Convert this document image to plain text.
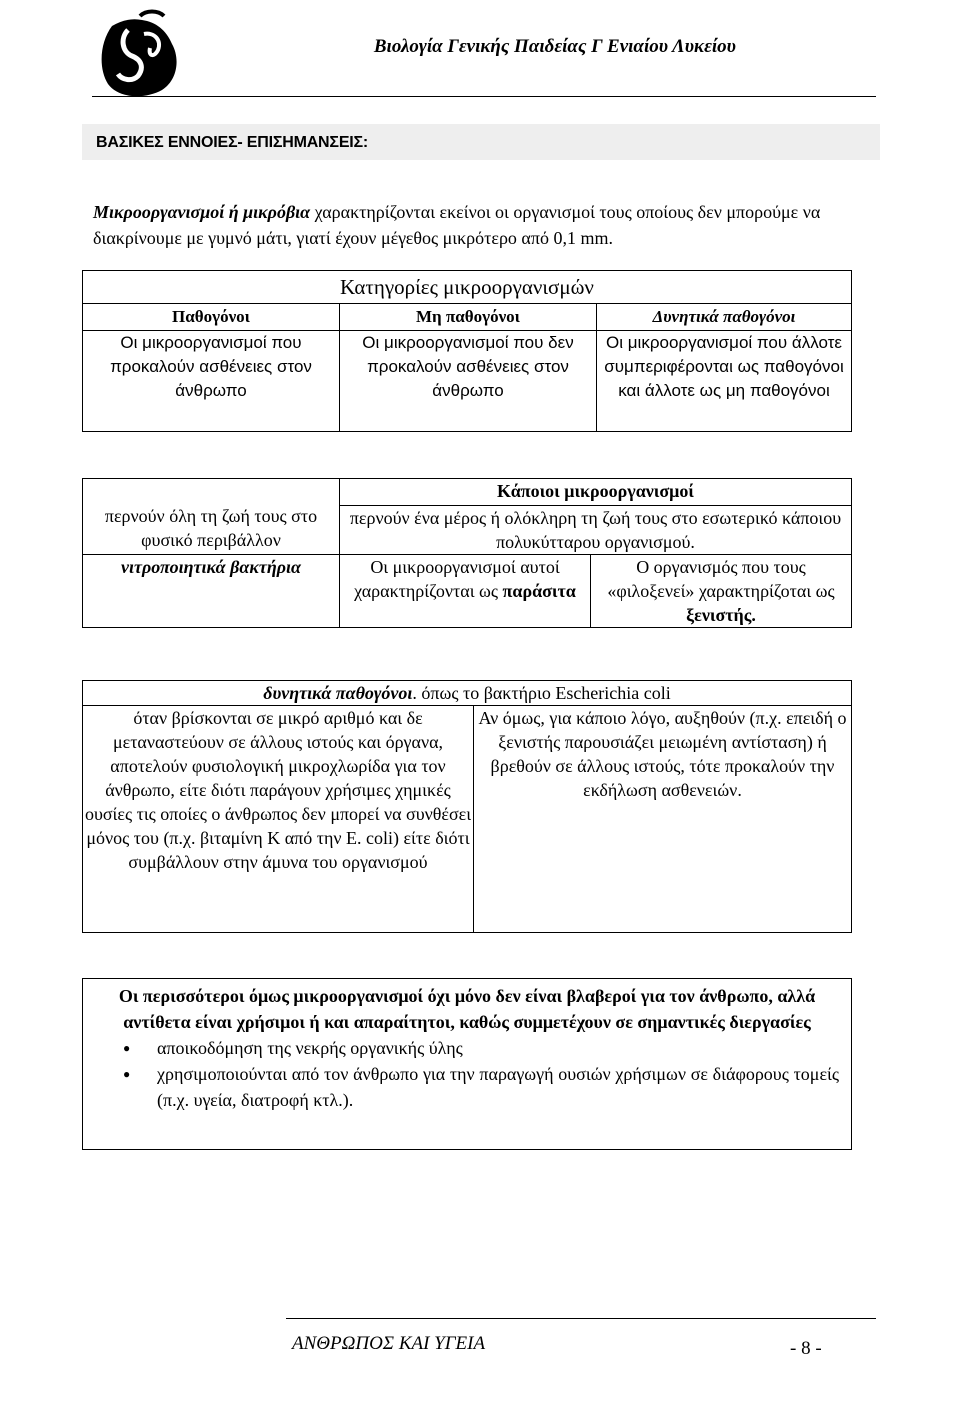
Βιολογία Γενικής Παιδείας Γ Ενιαίου Λυκείου
ΒΑΣΙΚΕΣ ΕΝΝΟΙΕΣ- ΕΠΙΣΗΜΑΝΣΕΙΣ:
Μικροοργανισμοί ή μικρόβια χαρακτηρίζονται εκείνοι οι οργανισμοί τους οποίους δεν μπορούμε να διακρίνουμε με γυμνό μάτι, γιατί έχουν μέγεθος μικρότερο από 0,1 mm.
Κατηγορίες μικροοργανισμών		
Παθογόνοι	Μη παθογόνοι	Δυνητικά παθογόνοι
Οι μικροοργανισμοί που προκαλούν ασθένειες στον άνθρωπο	Οι μικροοργανισμοί που δεν προκαλούν ασθένειες στον άνθρωπο	Οι μικροοργανισμοί που άλλοτε συμπεριφέρονται ως παθογόνοι και άλλοτε ως μη παθογόνοι
περνούν όλη τη ζωή τους στο φυσικό περιβάλλον	Κάποιοι μικροοργανισμοί	
	περνούν ένα μέρος ή ολόκληρη τη ζωή τους στο εσωτερικό κάποιου πολυκύτταρου οργανισμού.	
νιτροποιητικά βακτήρια	Οι μικροοργανισμοί αυτοί χαρακτηρίζονται ως παράσιτα	Ο οργανισμός που τους «φιλοξενεί» χαρακτηρίζοται ως ξενιστής.
δυνητικά παθογόνοι. όπως το βακτήριο Escherichia coli
όταν βρίσκονται σε μικρό αριθμό και δε μεταναστεύουν σε άλλους ιστούς και όργανα, αποτελούν φυσιολογική μικροχλωρίδα για τον άνθρωπο, είτε διότι παράγουν χρήσιμες χημικές ουσίες τις οποίες ο άνθρωπος δεν μπορεί να συνθέσει μόνος του (π.χ. βιταμίνη Κ από την E. coli) είτε διότι συμβάλλουν στην άμυνα του οργανισμού	Αν όμως, για κάποιο λόγο, αυξηθούν (π.χ. επειδή ο ξενιστής παρουσιάζει μειωμένη αντίσταση) ή βρεθούν σε άλλους ιστούς, τότε προκαλούν την εκδήλωση ασθενειών.
Οι περισσότεροι όμως μικροοργανισμοί όχι μόνο δεν είναι βλαβεροί για τον άνθρωπο, αλλά αντίθετα είναι χρήσιμοι ή και απαραίτητοι, καθώς συμμετέχουν σε σημαντικές διεργασίες
● αποικοδόμηση της νεκρής οργανικής ύλης
● χρησιμοποιούνται από τον άνθρωπο για την παραγωγή ουσιών χρήσιμων σε διάφορους τομείς (π.χ. υγεία, διατροφή κτλ.).
ΑΝΘΡΩΠΟΣ ΚΑΙ ΥΓΕΙΑ	- 8 -
